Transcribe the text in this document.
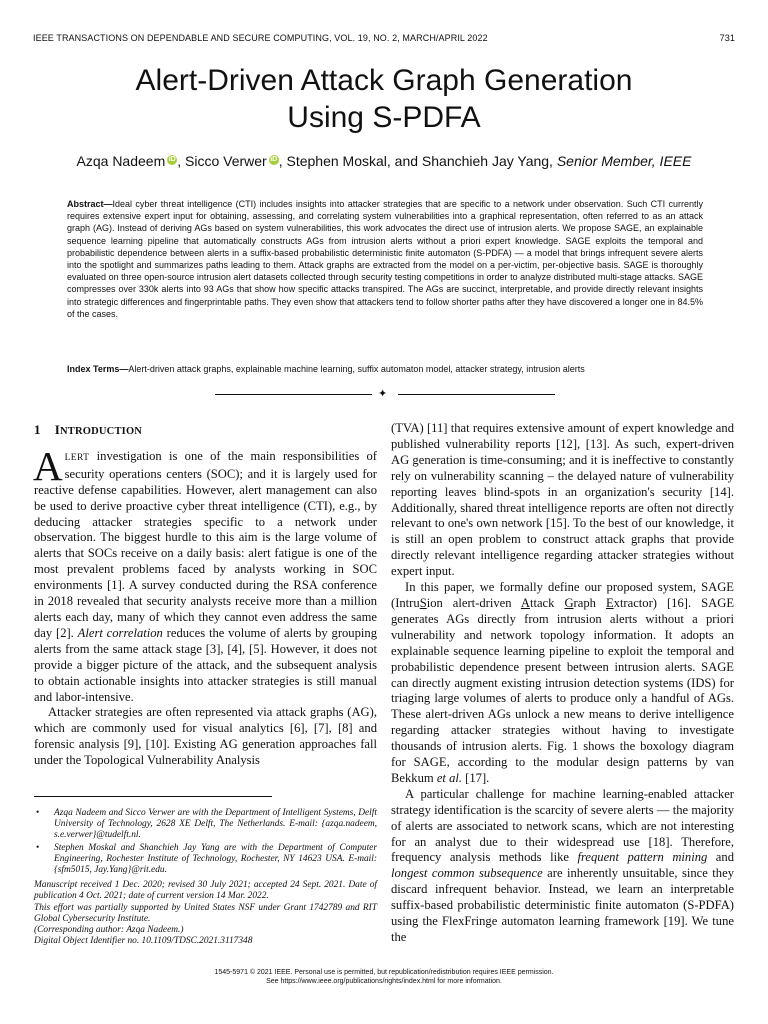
IEEE TRANSACTIONS ON DEPENDABLE AND SECURE COMPUTING, VOL. 19, NO. 2, MARCH/APRIL 2022	731
Alert-Driven Attack Graph Generation
Using S-PDFA
Azqa Nadeem iD , Sicco Verwer iD , Stephen Moskal, and Shanchieh Jay Yang, Senior Member, IEEE
Abstract—Ideal cyber threat intelligence (CTI) includes insights into attacker strategies that are specific to a network under observation. Such CTI currently requires extensive expert input for obtaining, assessing, and correlating system vulnerabilities into a graphical representation, often referred to as an attack graph (AG). Instead of deriving AGs based on system vulnerabilities, this work advocates the direct use of intrusion alerts. We propose SAGE, an explainable sequence learning pipeline that automatically constructs AGs from intrusion alerts without a priori expert knowledge. SAGE exploits the temporal and probabilistic dependence between alerts in a suffix-based probabilistic deterministic finite automaton (S-PDFA) — a model that brings infrequent severe alerts into the spotlight and summarizes paths leading to them. Attack graphs are extracted from the model on a per-victim, per-objective basis. SAGE is thoroughly evaluated on three open-source intrusion alert datasets collected through security testing competitions in order to analyze distributed multi-stage attacks. SAGE compresses over 330k alerts into 93 AGs that show how specific attacks transpired. The AGs are succinct, interpretable, and provide directly relevant insights into strategic differences and fingerprintable paths. They even show that attackers tend to follow shorter paths after they have discovered a longer one in 84.5% of the cases.
Index Terms—Alert-driven attack graphs, explainable machine learning, suffix automaton model, attacker strategy, intrusion alerts
✦
1 INTRODUCTION

ALERT investigation is one of the main responsibilities of security operations centers (SOC); and it is largely used for reactive defense capabilities. However, alert management can also be used to derive proactive cyber threat intelligence (CTI), e.g., by deducing attacker strategies specific to a network under observation. The biggest hurdle to this aim is the large volume of alerts that SOCs receive on a daily basis: alert fatigue is one of the most prevalent problems faced by analysts working in SOC environments [1]. A survey conducted during the RSA conference in 2018 revealed that security analysts receive more than a million alerts each day, many of which they cannot even address the same day [2]. Alert correlation reduces the volume of alerts by grouping alerts from the same attack stage [3], [4], [5]. However, it does not provide a bigger picture of the attack, and the subsequent analysis to obtain actionable insights into attacker strategies is still manual and labor-intensive.

Attacker strategies are often represented via attack graphs (AG), which are commonly used for visual analytics [6], [7], [8] and forensic analysis [9], [10]. Existing AG generation approaches fall under the Topological Vulnerability Analysis

• Azqa Nadeem and Sicco Verwer are with the Department of Intelligent Systems, Delft University of Technology, 2628 XE Delft, The Netherlands. E-mail: {azqa.nadeem, s.e.verwer}@tudelft.nl.
• Stephen Moskal and Shanchieh Jay Yang are with the Department of Computer Engineering, Rochester Institute of Technology, Rochester, NY 14623 USA. E-mail: {sfm5015, Jay.Yang}@rit.edu.
Manuscript received 1 Dec. 2020; revised 30 July 2021; accepted 24 Sept. 2021. Date of publication 4 Oct. 2021; date of current version 14 Mar. 2022.
This effort was partially supported by United States NSF under Grant 1742789 and RIT Global Cybersecurity Institute.
(Corresponding author: Azqa Nadeem.)
Digital Object Identifier no. 10.1109/TDSC.2021.3117348

(TVA) [11] that requires extensive amount of expert knowledge and published vulnerability reports [12], [13]. As such, expert-driven AG generation is time-consuming; and it is ineffective to constantly rely on vulnerability scanning – the delayed nature of vulnerability reporting leaves blind-spots in an organization's security [14]. Additionally, shared threat intelligence reports are often not directly relevant to one's own network [15]. To the best of our knowledge, it is still an open problem to construct attack graphs that provide directly relevant intelligence regarding attacker strategies without expert input.

In this paper, we formally define our proposed system, SAGE (IntruSion alert-driven Attack Graph Extractor) [16]. SAGE generates AGs directly from intrusion alerts without a priori vulnerability and network topology information. It adopts an explainable sequence learning pipeline to exploit the temporal and probabilistic dependence present between intrusion alerts. SAGE can directly augment existing intrusion detection systems (IDS) for triaging large volumes of alerts to produce only a handful of AGs. These alert-driven AGs unlock a new means to derive intelligence regarding attacker strategies without having to investigate thousands of intrusion alerts. Fig. 1 shows the boxology diagram for SAGE, according to the modular design patterns by van Bekkum et al. [17].

A particular challenge for machine learning-enabled attacker strategy identification is the scarcity of severe alerts — the majority of alerts are associated to network scans, which are not interesting for an analyst due to their widespread use [18]. Therefore, frequency analysis methods like frequent pattern mining and longest common subsequence are inherently unsuitable, since they discard infrequent behavior. Instead, we learn an interpretable suffix-based probabilistic deterministic finite automaton (S-PDFA) using the FlexFringe automaton learning framework [19]. We tune the

1545-5971 © 2021 IEEE. Personal use is permitted, but republication/redistribution requires IEEE permission.
See https://www.ieee.org/publications/rights/index.html for more information.
